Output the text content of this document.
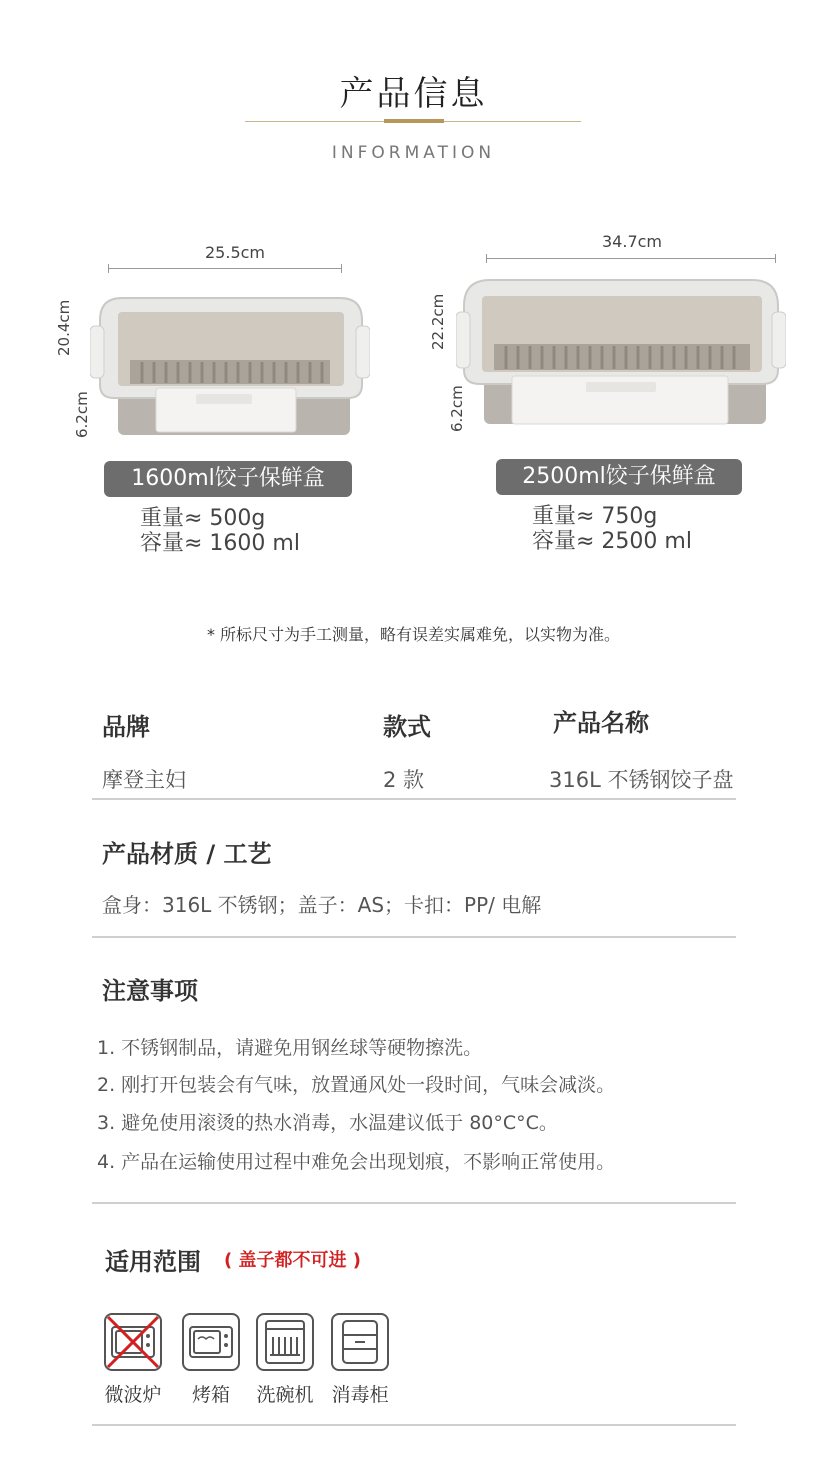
产品信息
INFORMATION
25.5cm
20.4cm
6.2cm
1600ml饺子保鲜盒
重量≈ 500g
容量≈ 1600 ml
34.7cm
22.2cm
6.2cm
2500ml饺子保鲜盒
重量≈ 750g
容量≈ 2500 ml
* 所标尺寸为手工测量，略有误差实属难免，以实物为准。
品牌	款式	产品名称
摩登主妇	2 款	316L 不锈钢饺子盘
产品材质 / 工艺
盒身：316L 不锈钢；盖子：AS；卡扣：PP/ 电解
注意事项
1. 不锈钢制品，请避免用钢丝球等硬物擦洗。
2. 刚打开包装会有气味，放置通风处一段时间，气味会减淡。
3. 避免使用滚烫的热水消毒，水温建议低于 80°C°C。
4. 产品在运输使用过程中难免会出现划痕，不影响正常使用。
适用范围 ( 盖子都不可进 )
微波炉	烤箱	洗碗机 消毒柜
